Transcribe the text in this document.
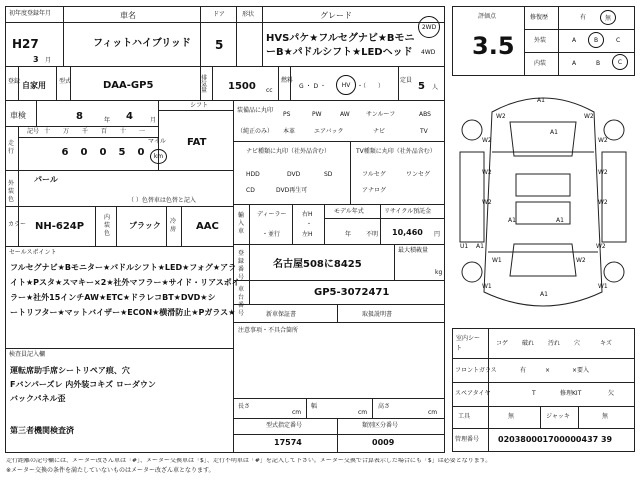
初年度登録年月
H27
3 月
車名
フィットハイブリッド
ドア
5
形状	グレード
HVSパケ★フルセグナビ★BモニーB★パドルシフト★LEDヘッド
2WD
4WD
登録 自家用 型式	DAA-GP5
排気量 1500 cc
燃料
G ・ D ・	HV ・（　　）
定員
5 人
車検	8	年 4	月
シフト
FAT
走行
記号 十 万 千 百 十 一
6	0	0	5	0
マイル
km
外装色
パール
（ ）色替車は色替と記入
カラー NH-624P
内装色
ブラック 冷房 AAC
セールスポイント
フルセグナビ★Bモニター★パドルシフト★LED★フォグ★アラ
イト★Pスタ★スマキー×2★社外マフラー★サイド・リアスポイ
ラー★社外15インチAW★ETC★ドラレコBT★DVD★シ
ートリフター★マットバイザー★ECON★横滑防止★Pガラス★
検査員記入欄
運転席助手席シートリペア痕、穴
Fバンパーズレ 内外装コキズ ローダウン
バックパネル歪
第三者機関検査済
装備品に丸印
（純正のみ）
PS	PW	AW	サンルーフ	ABS
本革	エアバック	ナビ	TV
ナビ種類に丸印（社外品含む）	TV種類に丸印（社外品含む）
HDD	DVD	SD
CD	DVD再生可
フルセグ	ワンセグ
アナログ
輸入車
ディーラー
・並行
右H
・
左H
モデル年式
年 不明
リサイクル預託金
10,460 円
登録番号
名古屋508に8425
最大積載量
kg
車台番号
GP5-3072471
新車保証書	取扱説明書
注意事項・不具合箇所
長さ
cm
幅
cm
高さ
cm
型式指定番号
17574
類別区分番号
0009
評価点
3.5
修復歴	有	無
外装	A	B	C
内装	A	B	C
A1
A1
W2	W2
W2	W2
W2	W2
W2	W2
A1	A1
U1 A1	W2
W1	W2
W1	W1
A1
室内シート
コゲ 破れ 汚れ 穴	キズ
フロントガラス	有	×	×要入
スペアタイヤ	T	修理KIT	欠
工具	無	ジャッキ	無
管理番号 020380001700000437 39
走行距離の記号欄には、メーター改ざん車は「#」、メーター交換車は「$」、走行不明車は「#」を記入して下さい。メーター交換で合算表示した場合にも「$」は必要となります。
※メーター交換の条件を満たしていないものはメーター改ざん車となります。
